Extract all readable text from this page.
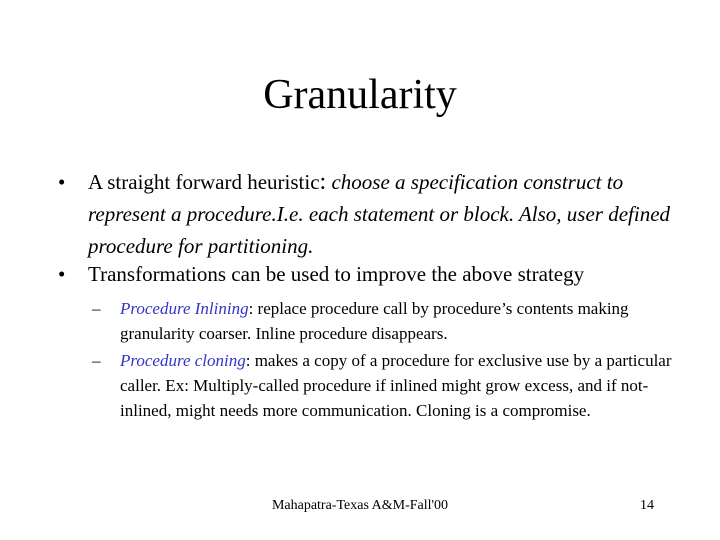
Granularity
•	A straight forward heuristic: choose a specification construct to represent a procedure.I.e. each statement or block. Also, user defined procedure for partitioning.
•	Transformations can be used to improve the above strategy
–	Procedure Inlining: replace procedure call by procedure’s contents making granularity coarser. Inline procedure disappears.
–	Procedure cloning: makes a copy of a procedure for exclusive use by a particular caller. Ex: Multiply-called procedure if inlined might grow excess, and if not-inlined, might needs more communication. Cloning is a compromise.
Mahapatra-Texas A&M-Fall'00	14
